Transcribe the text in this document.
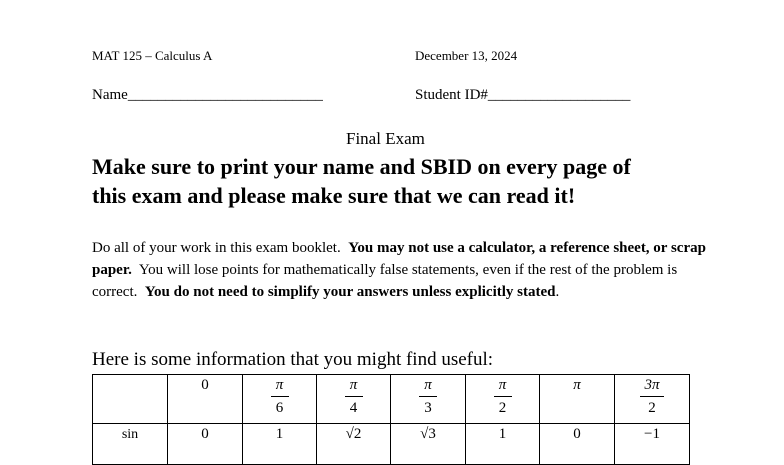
MAT 125 – Calculus A	December 13, 2024
Name__________________________	Student ID#___________________
Final Exam
Make sure to print your name and SBID on every page of
this exam and please make sure that we can read it!
Do all of your work in this exam booklet. You may not use a calculator, a reference sheet, or scrap paper. You will lose points for mathematically false statements, even if the rest of the problem is correct. You do not need to simplify your answers unless explicitly stated.
Here is some information that you might find useful:
	0	$\frac{\pi}{6}$	$\frac{\pi}{4}$	$\frac{\pi}{3}$	$\frac{\pi}{2}$	π	$\frac{3\pi}{2}$

sin	0	1	√2	√3	1	0	−1
